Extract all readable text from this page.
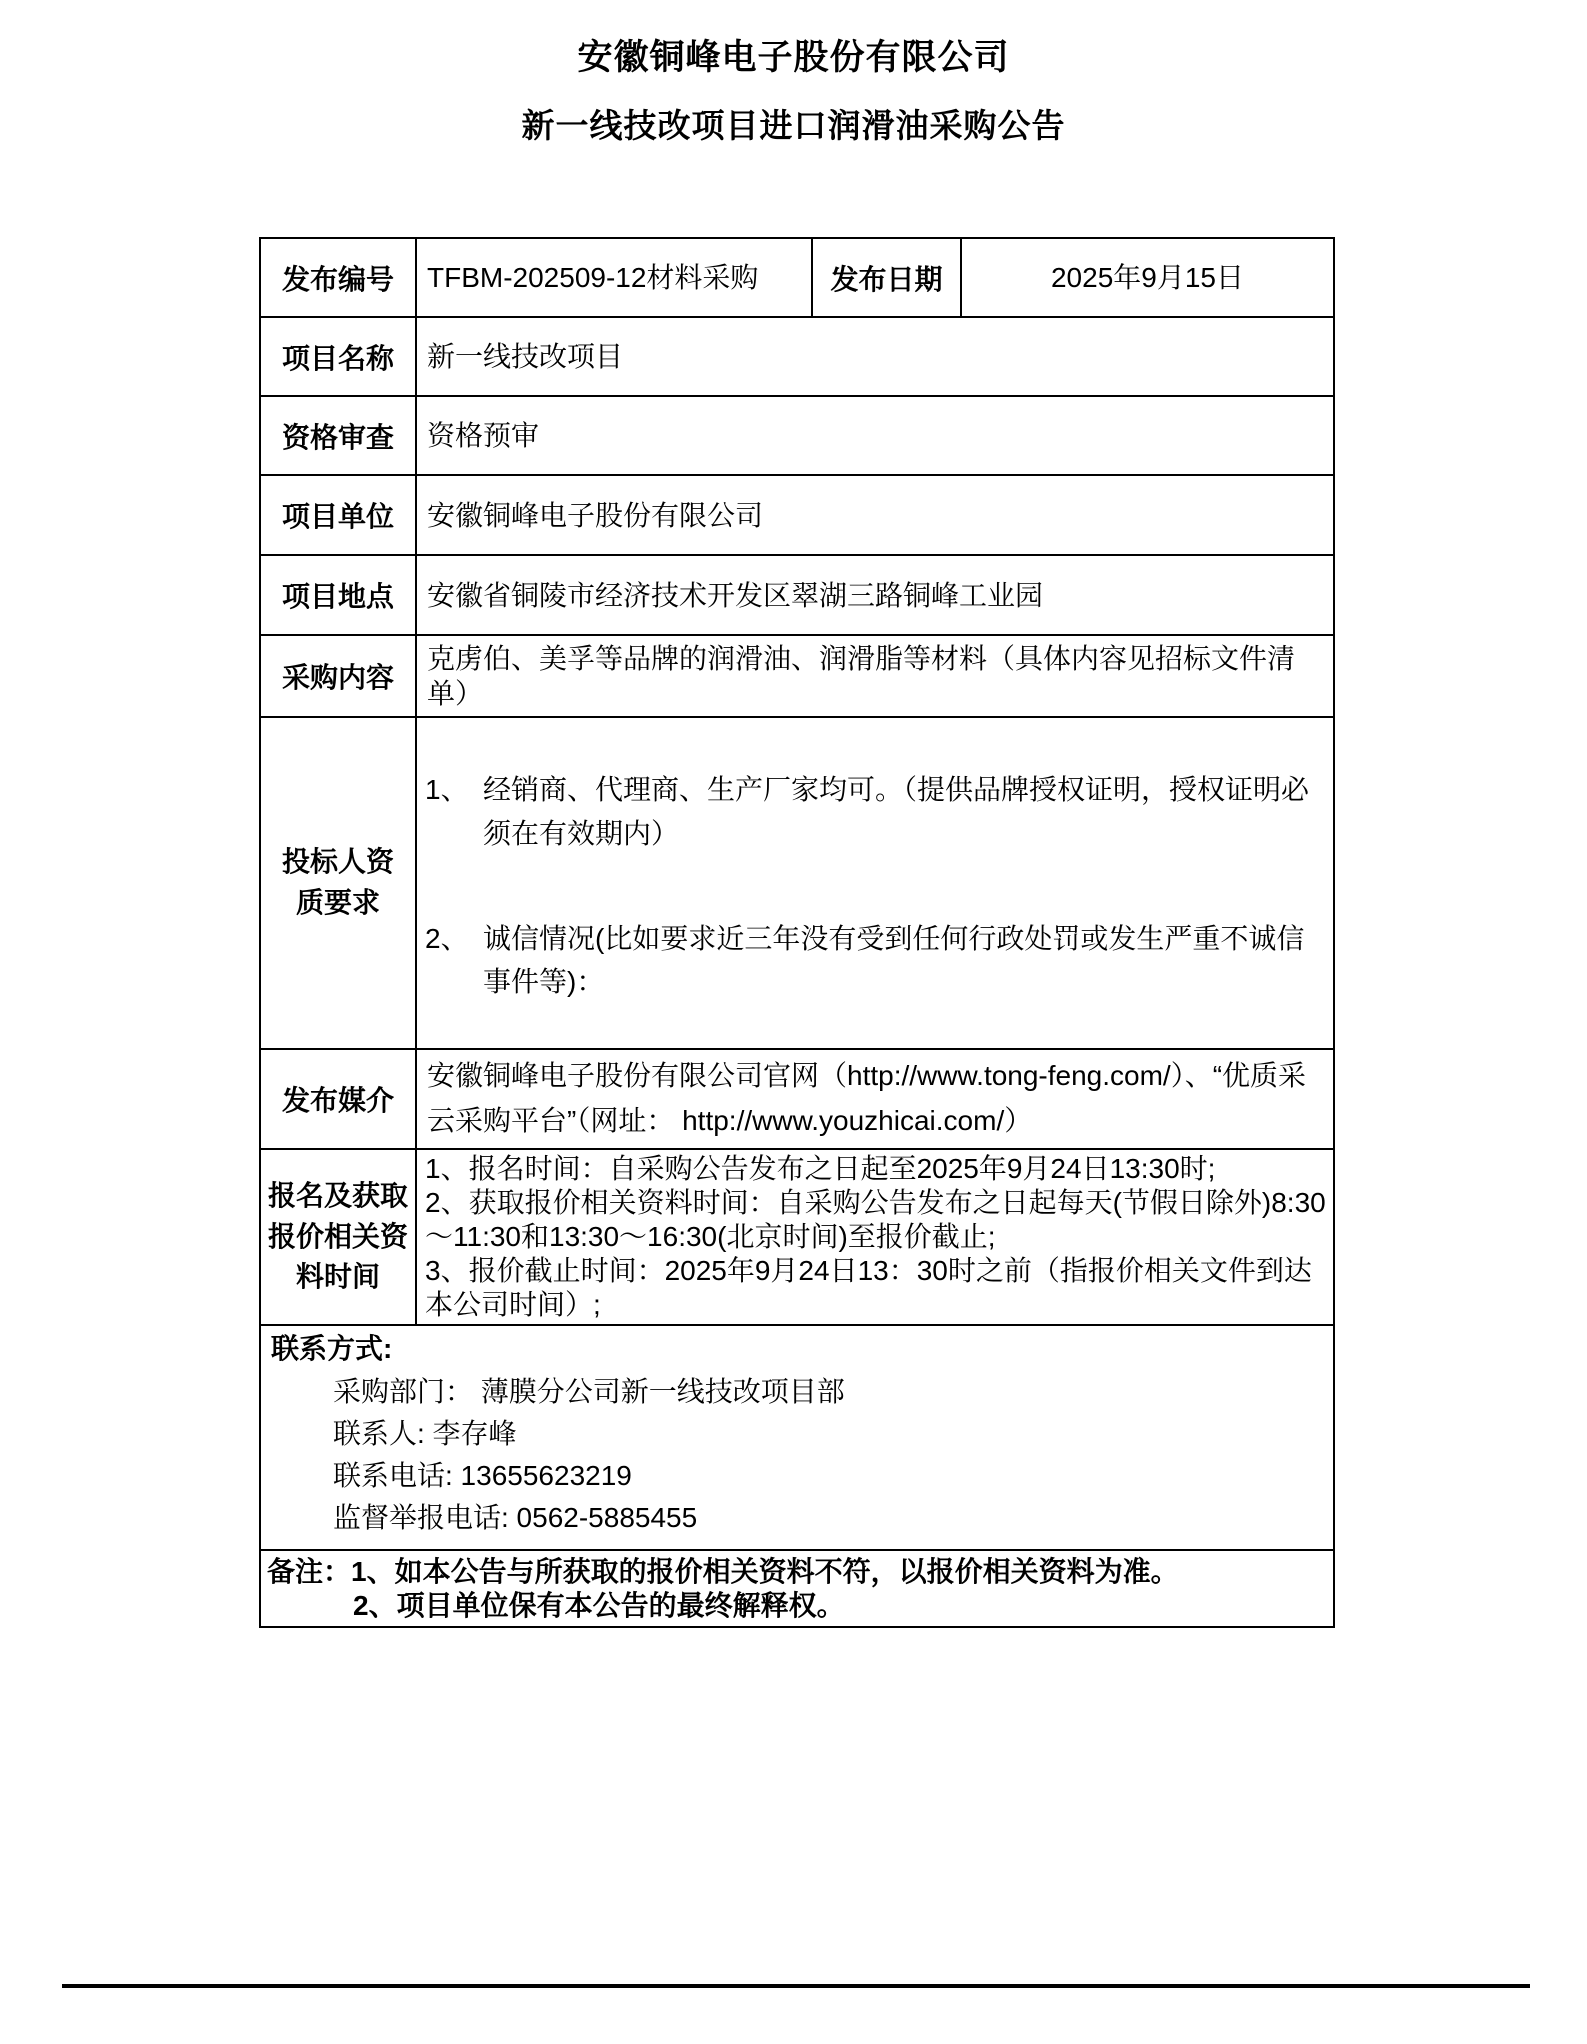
安徽铜峰电子股份有限公司
新一线技改项目进口润滑油采购公告
发布编号	TFBM-202509-12材料采购	发布日期	2025年9月15日
项目名称	新一线技改项目		
资格审查	资格预审		
项目单位	安徽铜峰电子股份有限公司		
项目地点	安徽省铜陵市经济技术开发区翠湖三路铜峰工业园		
采购内容	克虏伯、美孚等品牌的润滑油、润滑脂等材料（具体内容见招标文件清单）		
投标人资质要求	1、 经销商、代理商、生产厂家均可。（提供品牌授权证明，授权证明必须在有效期内）
2、 诚信情况(比如要求近三年没有受到任何行政处罚或发生严重不诚信事件等)：		

发布媒介	安徽铜峰电子股份有限公司官网（http://www.tong-feng.com/）、“优质采云采购平台”（网址： http://www.youzhicai.com/）		

报名及获取报价相关资料时间	1、报名时间：自采购公告发布之日起至2025年9月24日13:30时;
2、获取报价相关资料时间：自采购公告发布之日起每天(节假日除外)8:30～11:30和13:30～16:30(北京时间)至报价截止;
3、报价截止时间：2025年9月24日13：30时之前（指报价相关文件到达本公司时间）;		

联系方式:
采购部门： 薄膜分公司新一线技改项目部
联系人: 李存峰
联系电话: 13655623219
监督举报电话: 0562-5885455			

备注：1、如本公告与所获取的报价相关资料不符，以报价相关资料为准。
2、项目单位保有本公告的最终解释权。			
